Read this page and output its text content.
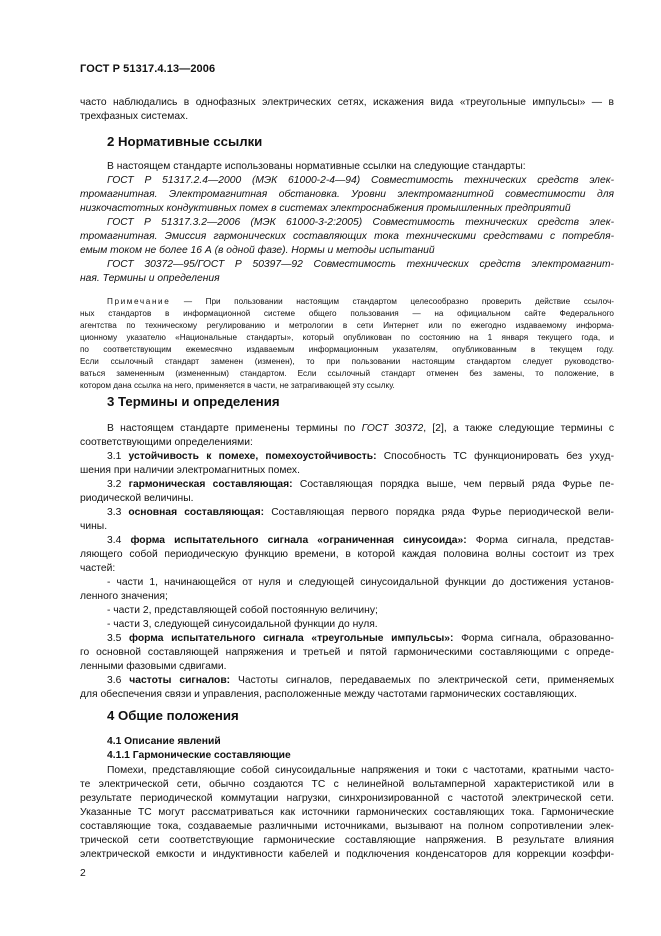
ГОСТ Р 51317.4.13—2006
часто наблюдались в однофазных электрических сетях, искажения вида «треугольные импульсы» — в
трехфазных системах.
2 Нормативные ссылки
В настоящем стандарте использованы нормативные ссылки на следующие стандарты:
ГОСТ Р 51317.2.4—2000 (МЭК 61000-2-4—94) Совместимость технических средств элек-
тромагнитная. Электромагнитная обстановка. Уровни электромагнитной совместимости для
низкочастотных кондуктивных помех в системах электроснабжения промышленных предприятий
ГОСТ Р 51317.3.2—2006 (МЭК 61000-3-2:2005) Совместимость технических средств элек-
тромагнитная. Эмиссия гармонических составляющих тока техническими средствами с потребля-
емым током не более 16 А (в одной фазе). Нормы и методы испытаний
ГОСТ 30372—95/ГОСТ Р 50397—92 Совместимость технических средств электромагнит-
ная. Термины и определения
Примечание — При пользовании настоящим стандартом целесообразно проверить действие ссылоч-
ных стандартов в информационной системе общего пользования — на официальном сайте Федерального
агентства по техническому регулированию и метрологии в сети Интернет или по ежегодно издаваемому информа-
ционному указателю «Национальные стандарты», который опубликован по состоянию на 1 января текущего года, и
по соответствующим ежемесячно издаваемым информационным указателям, опубликованным в текущем году.
Если ссылочный стандарт заменен (изменен), то при пользовании настоящим стандартом следует руководство-
ваться замененным (измененным) стандартом. Если ссылочный стандарт отменен без замены, то положение, в
котором дана ссылка на него, применяется в части, не затрагивающей эту ссылку.
3 Термины и определения
В настоящем стандарте применены термины по ГОСТ 30372, [2], а также следующие термины с
соответствующими определениями:
3.1 устойчивость к помехе, помехоустойчивость: Способность ТС функционировать без ухуд-
шения при наличии электромагнитных помех.
3.2 гармоническая составляющая: Составляющая порядка выше, чем первый ряда Фурье пе-
риодической величины.
3.3 основная составляющая: Составляющая первого порядка ряда Фурье периодической вели-
чины.
3.4 форма испытательного сигнала «ограниченная синусоида»: Форма сигнала, представ-
ляющего собой периодическую функцию времени, в которой каждая половина волны состоит из трех
частей:
- части 1, начинающейся от нуля и следующей синусоидальной функции до достижения установ-
ленного значения;
- части 2, представляющей собой постоянную величину;
- части 3, следующей синусоидальной функции до нуля.
3.5 форма испытательного сигнала «треугольные импульсы»: Форма сигнала, образованно-
го основной составляющей напряжения и третьей и пятой гармоническими составляющими с опреде-
ленными фазовыми сдвигами.
3.6 частоты сигналов: Частоты сигналов, передаваемых по электрической сети, применяемых
для обеспечения связи и управления, расположенные между частотами гармонических составляющих.
4 Общие положения
4.1 Описание явлений
4.1.1 Гармонические составляющие
Помехи, представляющие собой синусоидальные напряжения и токи с частотами, кратными часто-
те электрической сети, обычно создаются ТС с нелинейной вольтамперной характеристикой или в
результате периодической коммутации нагрузки, синхронизированной с частотой электрической сети.
Указанные ТС могут рассматриваться как источники гармонических составляющих тока. Гармонические
составляющие тока, создаваемые различными источниками, вызывают на полном сопротивлении элек-
трической сети соответствующие гармонические составляющие напряжения. В результате влияния
электрической емкости и индуктивности кабелей и подключения конденсаторов для коррекции коэффи-
2
